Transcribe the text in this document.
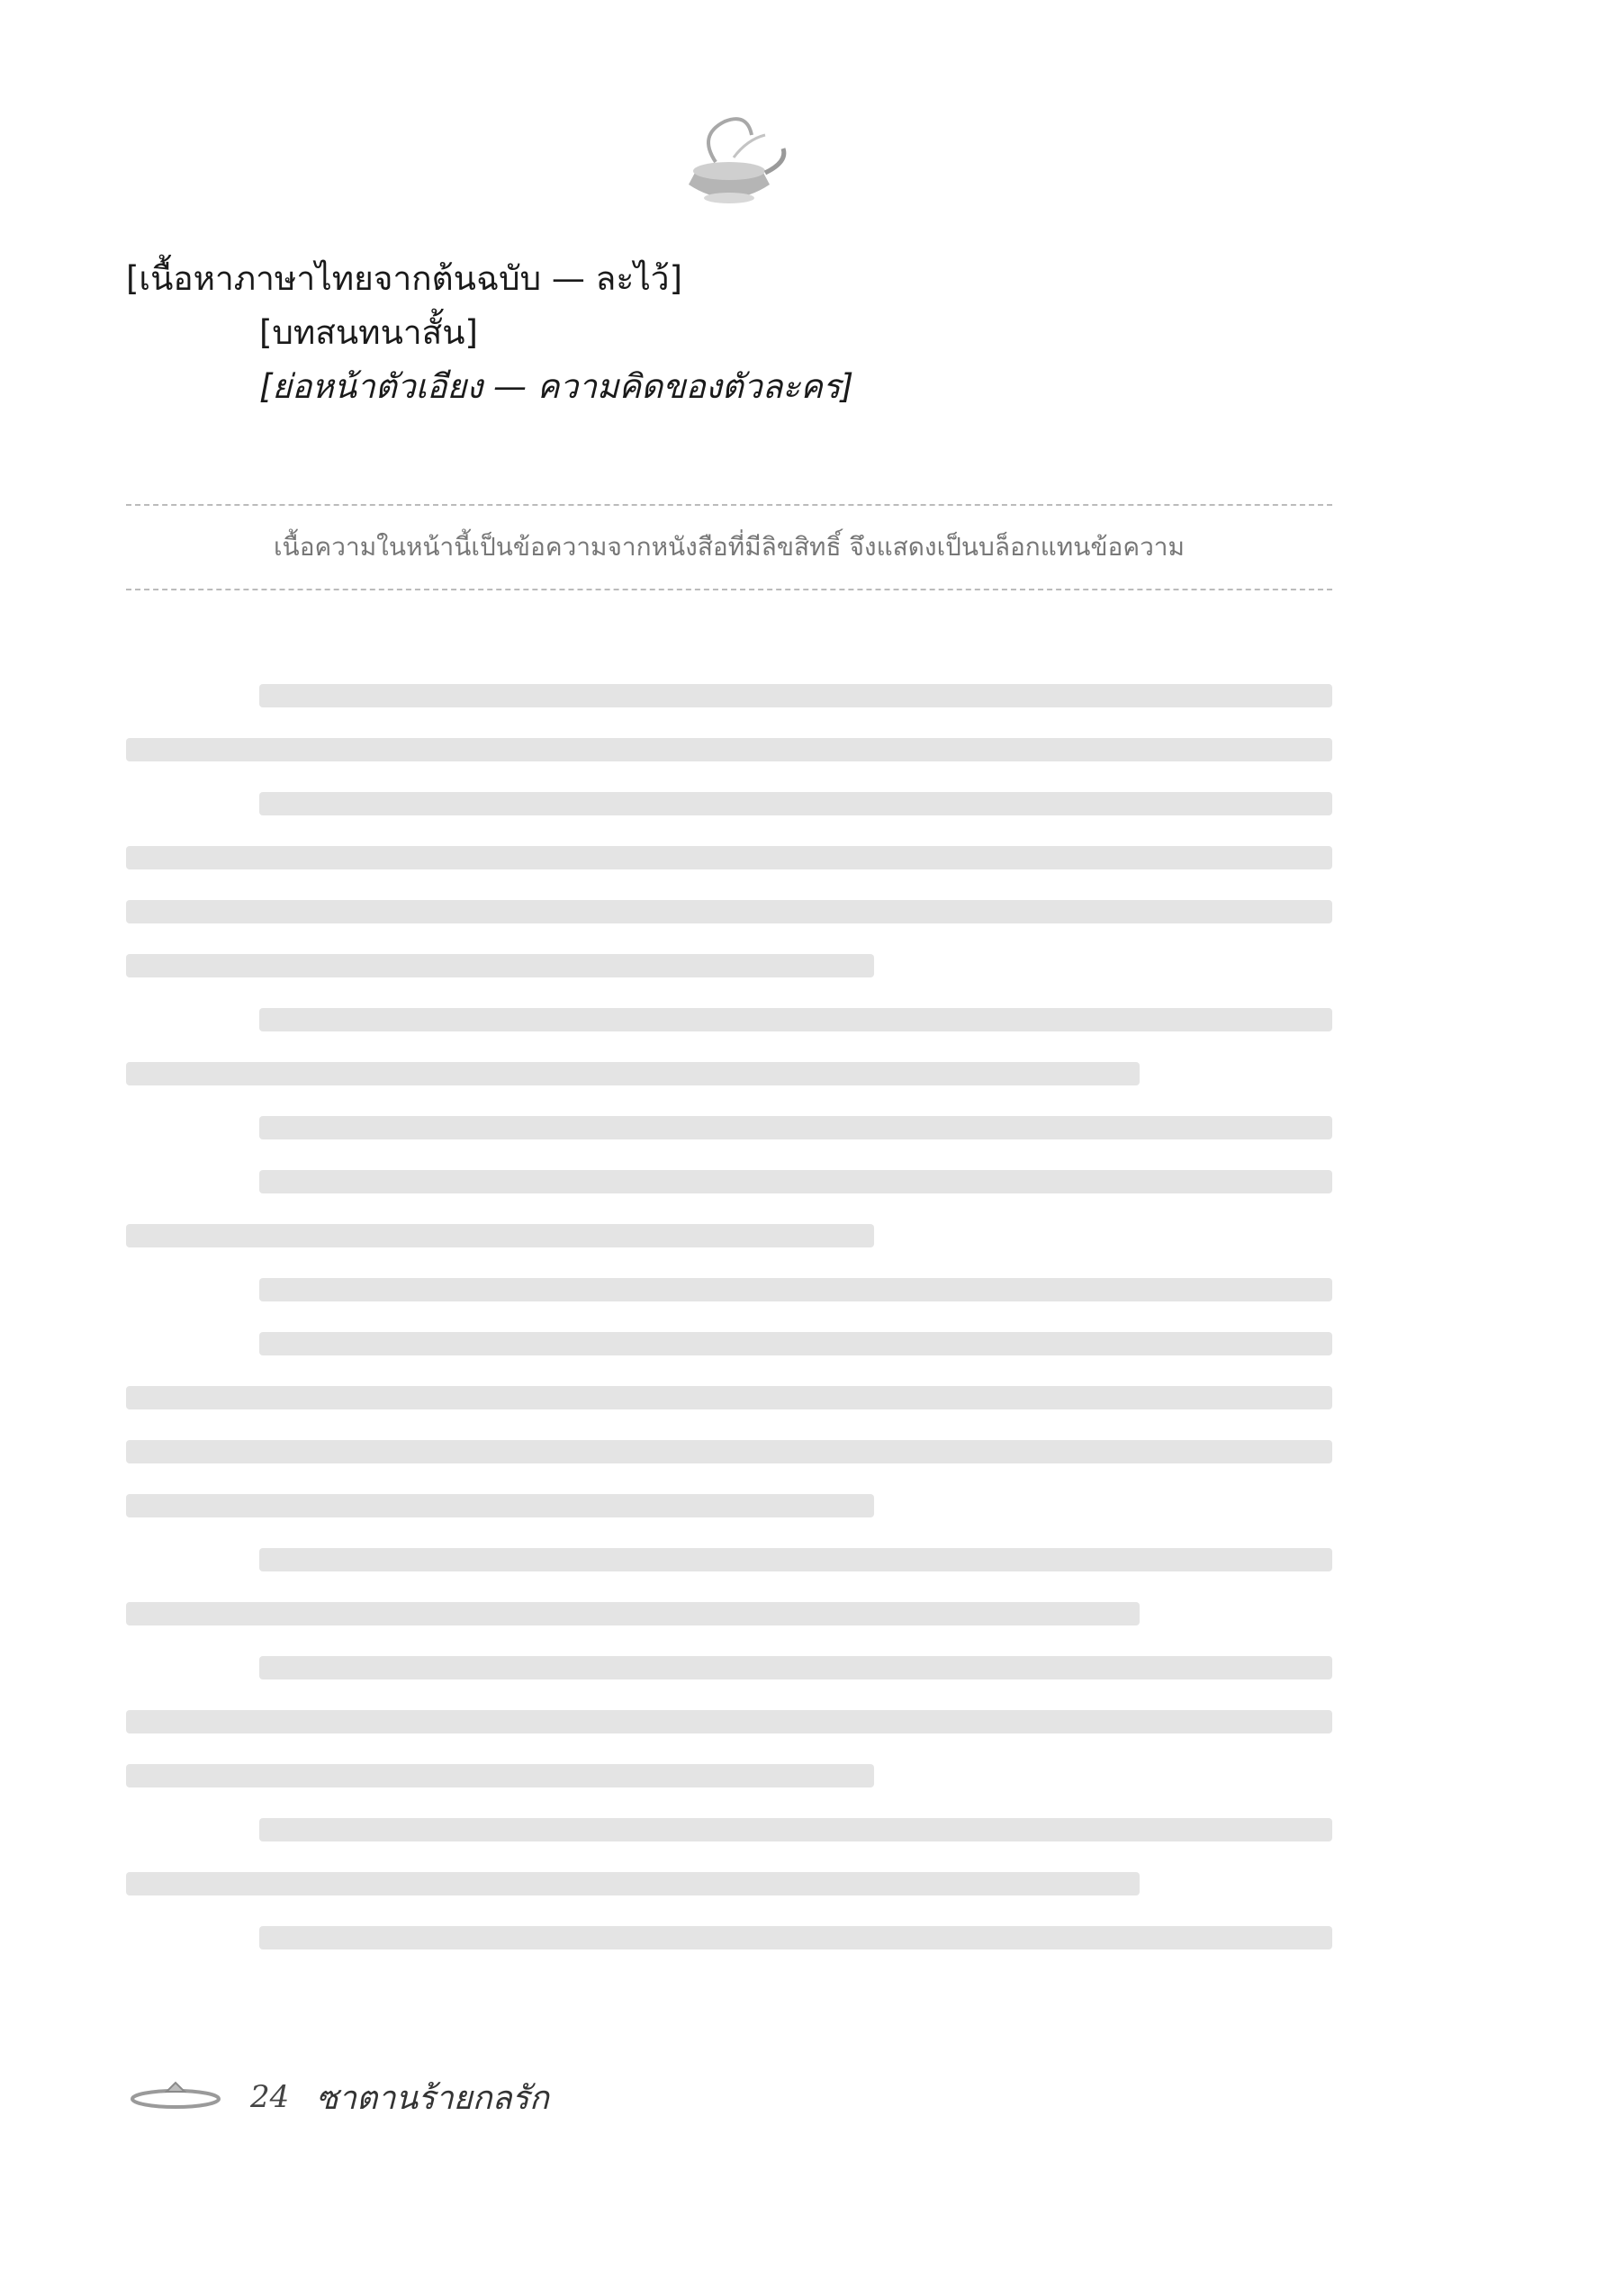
[เนื้อหาภาษาไทยจากต้นฉบับ — ละไว้]

[บทสนทนาสั้น]

[ย่อหน้าตัวเอียง — ความคิดของตัวละคร]

เนื้อความในหน้านี้เป็นข้อความจากหนังสือที่มีลิขสิทธิ์ จึงแสดงเป็นบล็อกแทนข้อความ
24 ซาตานร้ายกลรัก
